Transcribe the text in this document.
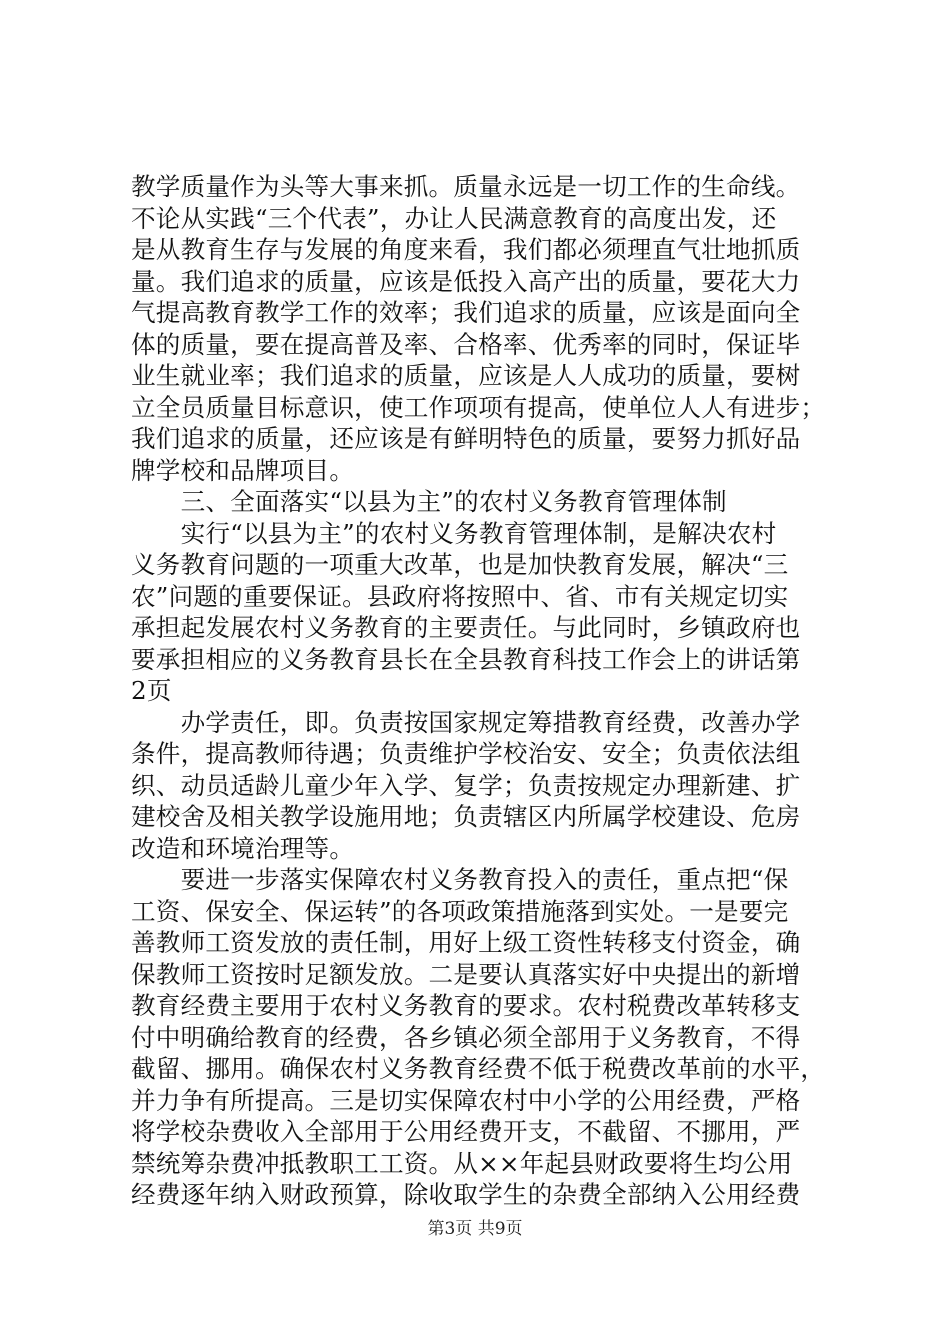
教学质量作为头等大事来抓。质量永远是一切工作的生命线。
不论从实践“三个代表”，办让人民满意教育的高度出发，还
是从教育生存与发展的角度来看，我们都必须理直气壮地抓质
量。我们追求的质量，应该是低投入高产出的质量，要花大力
气提高教育教学工作的效率；我们追求的质量，应该是面向全
体的质量，要在提高普及率、合格率、优秀率的同时，保证毕
业生就业率；我们追求的质量，应该是人人成功的质量，要树
立全员质量目标意识，使工作项项有提高，使单位人人有进步；
我们追求的质量，还应该是有鲜明特色的质量，要努力抓好品
牌学校和品牌项目。
　　三、全面落实“以县为主”的农村义务教育管理体制
　　实行“以县为主”的农村义务教育管理体制，是解决农村
义务教育问题的一项重大改革，也是加快教育发展，解决“三
农”问题的重要保证。县政府将按照中、省、市有关规定切实
承担起发展农村义务教育的主要责任。与此同时，乡镇政府也
要承担相应的义务教育县长在全县教育科技工作会上的讲话第
2页
　　办学责任，即。负责按国家规定筹措教育经费，改善办学
条件，提高教师待遇；负责维护学校治安、安全；负责依法组
织、动员适龄儿童少年入学、复学；负责按规定办理新建、扩
建校舍及相关教学设施用地；负责辖区内所属学校建设、危房
改造和环境治理等。
　　要进一步落实保障农村义务教育投入的责任，重点把“保
工资、保安全、保运转”的各项政策措施落到实处。一是要完
善教师工资发放的责任制，用好上级工资性转移支付资金，确
保教师工资按时足额发放。二是要认真落实好中央提出的新增
教育经费主要用于农村义务教育的要求。农村税费改革转移支
付中明确给教育的经费，各乡镇必须全部用于义务教育，不得
截留、挪用。确保农村义务教育经费不低于税费改革前的水平，
并力争有所提高。三是切实保障农村中小学的公用经费，严格
将学校杂费收入全部用于公用经费开支，不截留、不挪用，严
禁统筹杂费冲抵教职工工资。从××年起县财政要将生均公用
经费逐年纳入财政预算，除收取学生的杂费全部纳入公用经费
第3页 共9页
